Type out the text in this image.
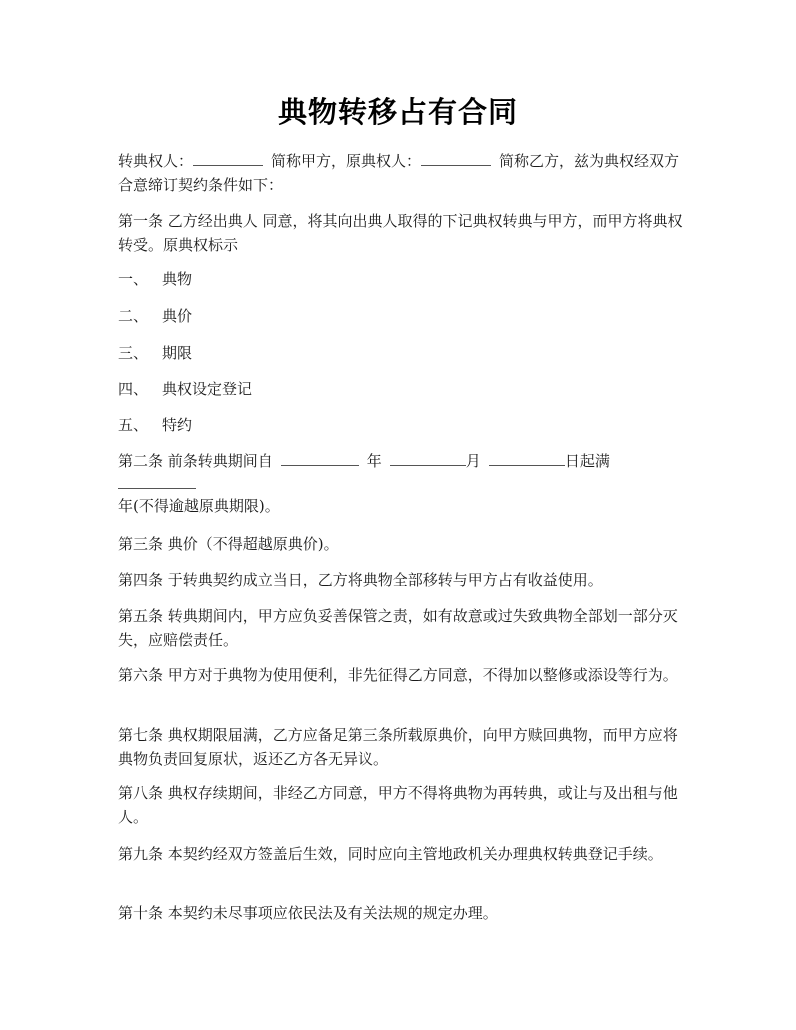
典物转移占有合同
转典权人：	简称甲方，原典权人：	简称乙方，兹为典权经双方合意缔订契约条件如下：
第一条 乙方经出典人 同意，将其向出典人取得的下记典权转典与甲方，而甲方将典权转受。原典权标示
一、 典物
二、 典价
三、 期限
四、 典权设定登记
五、 特约
第二条 前条转典期间自	年	月	日起满
年(不得逾越原典期限)。
第三条 典价（不得超越原典价)。
第四条 于转典契约成立当日，乙方将典物全部移转与甲方占有收益使用。
第五条 转典期间内，甲方应负妥善保管之责，如有故意或过失致典物全部划一部分灭失，应赔偿责任。
第六条 甲方对于典物为使用便利，非先征得乙方同意，不得加以整修或添设等行为。
第七条 典权期限届满，乙方应备足第三条所载原典价，向甲方赎回典物，而甲方应将典物负责回复原状，返还乙方各无异议。
第八条 典权存续期间，非经乙方同意，甲方不得将典物为再转典，或让与及出租与他人。
第九条 本契约经双方签盖后生效，同时应向主管地政机关办理典权转典登记手续。
第十条 本契约未尽事项应依民法及有关法规的规定办理。
